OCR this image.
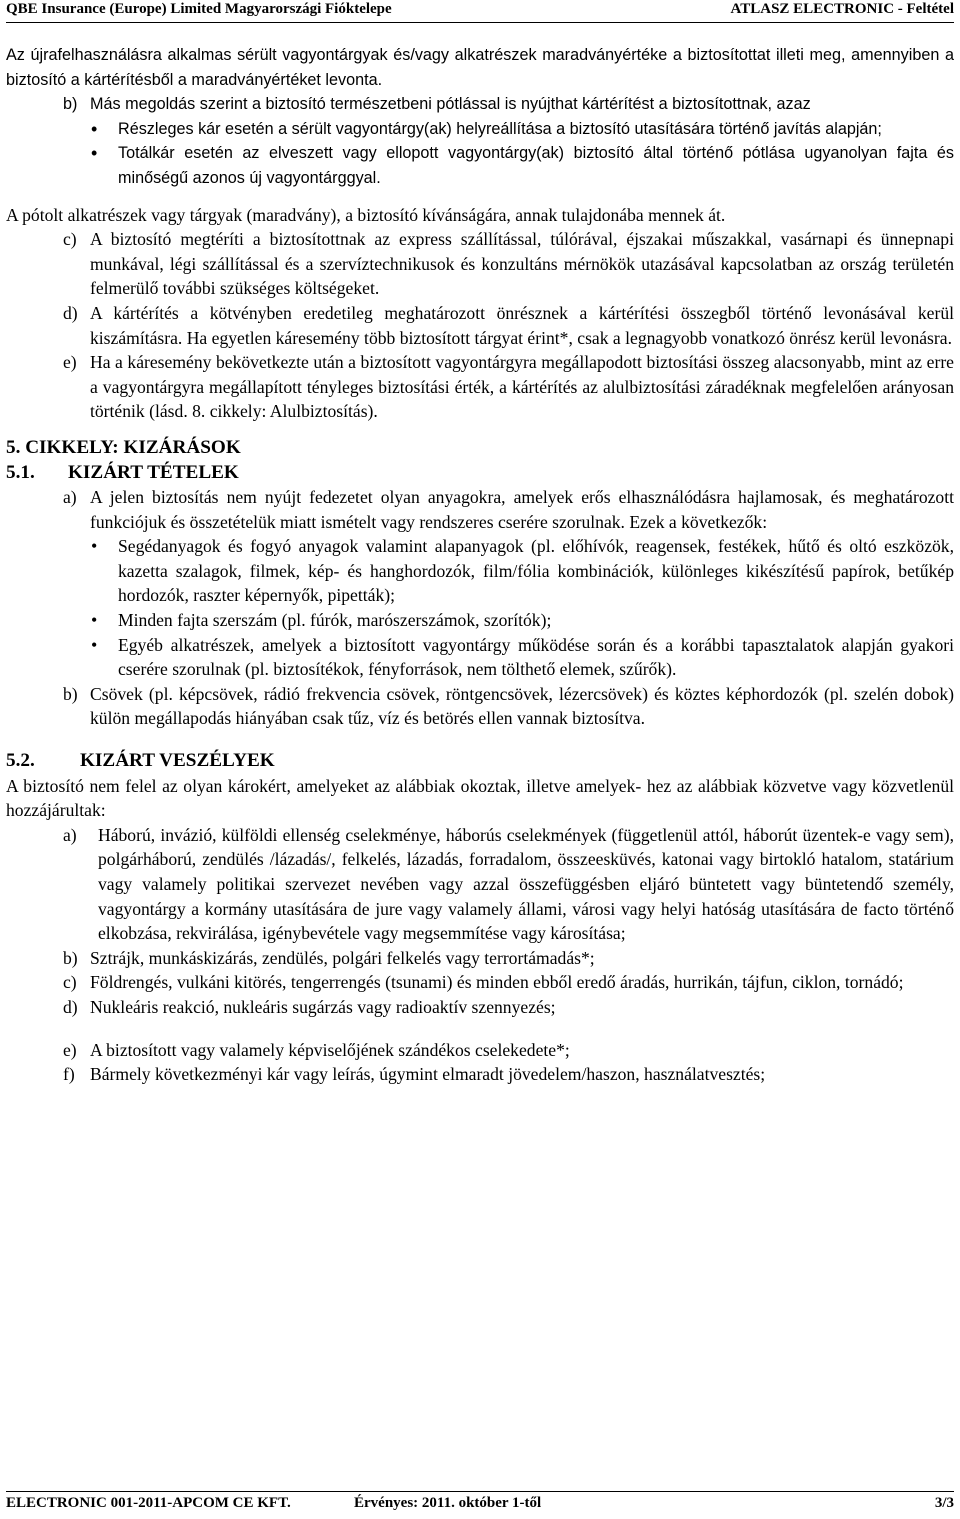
QBE Insurance (Europe) Limited Magyarországi Fióktelepe	ATLASZ ELECTRONIC - Feltétel

Az újrafelhasználásra alkalmas sérült vagyontárgyak és/vagy alkatrészek maradványértéke a biztosítottat illeti meg, amennyiben a biztosító a kártérítésből a maradványértéket levonta.

b) Más megoldás szerint a biztosító természetbeni pótlással is nyújthat kártérítést a biztosítottnak, azaz
• Részleges kár esetén a sérült vagyontárgy(ak) helyreállítása a biztosító utasítására történő javítás alapján;
• Totálkár esetén az elveszett vagy ellopott vagyontárgy(ak) biztosító által történő pótlása ugyanolyan fajta és minőségű azonos új vagyontárggyal.

A pótolt alkatrészek vagy tárgyak (maradvány), a biztosító kívánságára, annak tulajdonába mennek át.

c) A biztosító megtéríti a biztosítottnak az express szállítással, túlórával, éjszakai műszakkal, vasárnapi és ünnepnapi munkával, légi szállítással és a szervíztechnikusok és konzultáns mérnökök utazásával kapcsolatban az ország területén felmerülő további szükséges költségeket.
d) A kártérítés a kötvényben eredetileg meghatározott önrésznek a kártérítési összegből történő levonásával kerül kiszámításra. Ha egyetlen káresemény több biztosított tárgyat érint*, csak a legnagyobb vonatkozó önrész kerül levonásra.
e) Ha a káresemény bekövetkezte után a biztosított vagyontárgyra megállapodott biztosítási összeg alacsonyabb, mint az erre a vagyontárgyra megállapított tényleges biztosítási érték, a kártérítés az alulbiztosítási záradéknak megfelelően arányosan történik (lásd. 8. cikkely: Alulbiztosítás).

5. CIKKELY: KIZÁRÁSOK

5.1. KIZÁRT TÉTELEK

a) A jelen biztosítás nem nyújt fedezetet olyan anyagokra, amelyek erős elhasználódásra hajlamosak, és meghatározott funkciójuk és összetételük miatt ismételt vagy rendszeres cserére szorulnak. Ezek a következők:
• Segédanyagok és fogyó anyagok valamint alapanyagok (pl. előhívók, reagensek, festékek, hűtő és oltó eszközök, kazetta szalagok, filmek, kép- és hanghordozók, film/fólia kombinációk, különleges kikészítésű papírok, betűkép hordozók, raszter képernyők, pipetták);
• Minden fajta szerszám (pl. fúrók, marószerszámok, szorítók);
• Egyéb alkatrészek, amelyek a biztosított vagyontárgy működése során és a korábbi tapasztalatok alapján gyakori cserére szorulnak (pl. biztosítékok, fényforrások, nem tölthető elemek, szűrők).
b) Csövek (pl. képcsövek, rádió frekvencia csövek, röntgencsövek, lézercsövek) és köztes képhordozók (pl. szelén dobok) külön megállapodás hiányában csak tűz, víz és betörés ellen vannak biztosítva.

5.2. KIZÁRT VESZÉLYEK

A biztosító nem felel az olyan károkért, amelyeket az alábbiak okoztak, illetve amelyek- hez az alábbiak közvetve vagy közvetlenül hozzájárultak:

a) Háború, invázió, külföldi ellenség cselekménye, háborús cselekmények (függetlenül attól, háborút üzentek-e vagy sem), polgárháború, zendülés /lázadás/, felkelés, lázadás, forradalom, összeesküvés, katonai vagy birtokló hatalom, statárium vagy valamely politikai szervezet nevében vagy azzal összefüggésben eljáró büntetett vagy büntetendő személy, vagyontárgy a kormány utasítására de jure vagy valamely állami, városi vagy helyi hatóság utasítására de facto történő elkobzása, rekvirálása, igénybevétele vagy megsemmítése vagy károsítása;
b) Sztrájk, munkáskizárás, zendülés, polgári felkelés vagy terrortámadás*;
c) Földrengés, vulkáni kitörés, tengerrengés (tsunami) és minden ebből eredő áradás, hurrikán, tájfun, ciklon, tornádó;
d) Nukleáris reakció, nukleáris sugárzás vagy radioaktív szennyezés;
e) A biztosított vagy valamely képviselőjének szándékos cselekedete*;
f) Bármely következményi kár vagy leírás, úgymint elmaradt jövedelem/haszon, használatvesztés;
ELECTRONIC 001-2011-APCOM CE KFT.	Érvényes: 2011. október 1-től	3/3
